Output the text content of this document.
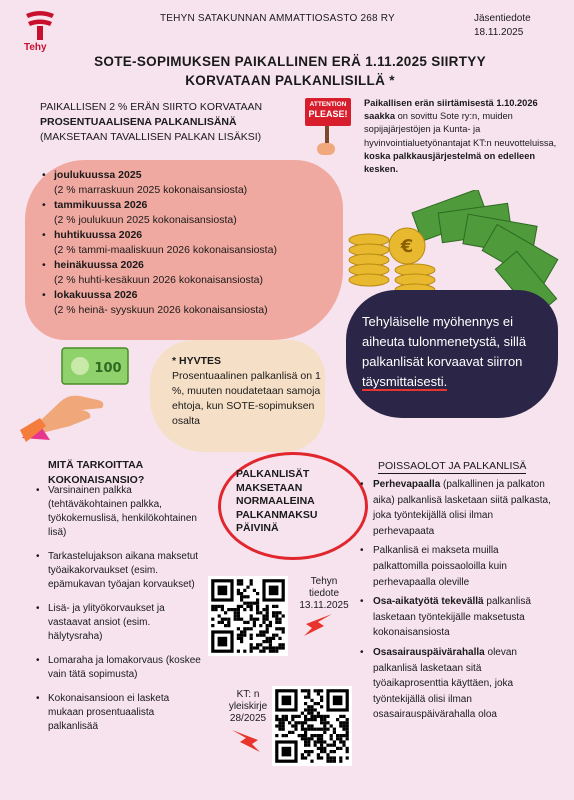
Tehy
TEHYN SATAKUNNAN AMMATTIOSASTO 268 RY	Jäsentiedote
18.11.2025
SOTE-SOPIMUKSEN PAIKALLINEN ERÄ 1.11.2025 SIIRTYY
KORVATAAN PALKANLISILLÄ *
PAIKALLISEN 2 % ERÄN SIIRTO KORVATAAN
PROSENTUAALISENA PALKANLISÄNÄ
(MAKSETAAN TAVALLISEN PALKAN LISÄKSI)
ATTENTION
PLEASE!
Paikallisen erän siirtämisestä 1.10.2026 saakka on sovittu Sote ry:n, muiden sopijajärjestöjen ja Kunta- ja hyvinvointialuetyönantajat KT:n neuvotteluissa, koska palkkausjärjestelmä on edelleen kesken.
• joulukuussa 2025
(2 % marraskuun 2025 kokonaisansiosta)
• tammikuussa 2026
(2 % joulukuun 2025 kokonaisansiosta)
• huhtikuussa 2026
(2 % tammi-maaliskuun 2026 kokonaisansiosta)
• heinäkuussa 2026
(2 % huhti-kesäkuun 2026 kokonaisansiosta)
• lokakuussa 2026
(2 % heinä- syyskuun 2026 kokonaisansiosta)
€
Tehyläiselle myöhennys ei aiheuta tulonmenetystä, sillä palkanlisät korvaavat siirron täysmittaisesti.
100	* HYVTES
Prosentuaalinen palkanlisä on 1 %, muuten noudatetaan samoja ehtoja, kun SOTE-sopimuksen osalta
MITÄ TARKOITTAA KOKONAISANSIO?
• Varsinainen palkka (tehtäväkohtainen palkka, työkokemuslisä, henkilökohtainen lisä)
• Tarkastelujakson aikana maksetut työaikakorvaukset (esim. epämukavan työajan korvaukset)
• Lisä- ja ylityökorvaukset ja vastaavat ansiot (esim. hälytysraha)
• Lomaraha ja lomakorvaus (koskee vain tätä sopimusta)
• Kokonaisansioon ei lasketa mukaan prosentuaalista palkanlisää
PALKANLISÄT MAKSETAAN NORMAALEINA PALKANMAKSU PÄIVINÄ
Tehyn tiedote 13.11.2025
KT: n yleiskirje 28/2025
POISSAOLOT JA PALKANLISÄ
• Perhevapaalla (palkallinen ja palkaton aika) palkanlisä lasketaan siitä palkasta, joka työntekijällä olisi ilman perhevapaata
• Palkanlisä ei makseta muilla palkattomilla poissaoloilla kuin perhevapaalla oleville
• Osa-aikatyötä tekevällä palkanlisä lasketaan työntekijälle maksetusta kokonaisansiosta
• Osasairauspäivärahalla olevan palkanlisä lasketaan sitä työaikaprosenttia käyttäen, joka työntekijällä olisi ilman osasairauspäivärahalla oloa
